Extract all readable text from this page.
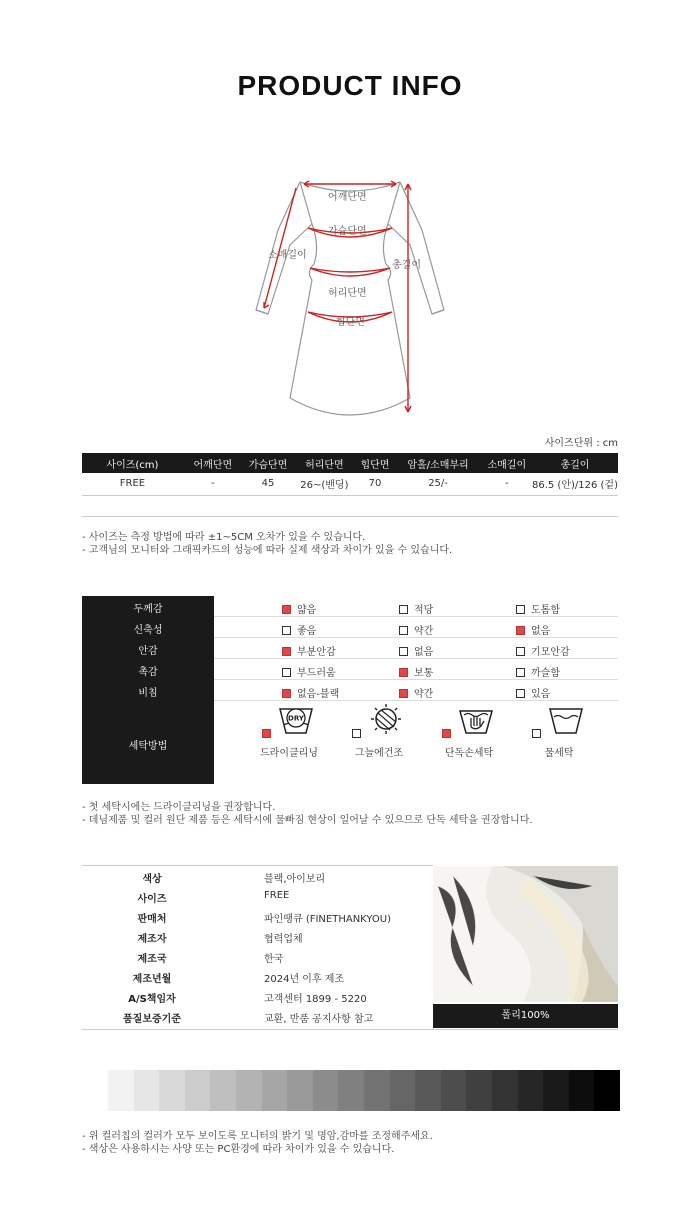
PRODUCT INFO
어깨단면
가슴단면
소매길이
총길이
허리단면
힙단면
사이즈단위 : cm
사이즈(cm)	어깨단면	가슴단면	허리단면	힙단면	암홀/소매부리	소매길이	총길이
FREE	-	45	26~(밴딩)	70	25/-	-	86.5 (안)/126 (겉)
- 사이즈는 측정 방법에 따라 ±1~5CM 오차가 있을 수 있습니다.
- 고객님의 모니터와 그래픽카드의 성능에 따라 실제 색상과 차이가 있을 수 있습니다.
두께감	얇음	적당	도톰함
신축성	좋음	약간	없음
안감	부분안감	없음	기모안감
촉감	부드러움	보통	까슬함
비침	없음-블랙	약간	있음
세탁방법

DRY
드라이클리닝
	그늘에건조
	단독손세탁
	물세탁
- 첫 세탁시에는 드라이클리닝을 권장합니다.
- 데님제품 및 컬러 원단 제품 등은 세탁시에 물빠짐 현상이 일어날 수 있으므로 단독 세탁을 권장합니다.
색상	블랙,아이보리
사이즈	FREE
판매처	파인땡큐 (FINETHANKYOU)
제조자	협력업체
제조국	한국
제조년월	2024년 이후 제조
A/S책임자	고객센터 1899 - 5220
품질보증기준	교환, 반품 공지사항 참고	폴리100%
- 위 컬러칩의 컬러가 모두 보이도록 모니터의 밝기 및 명암,감마를 조정해주세요.
- 색상은 사용하시는 사양 또는 PC환경에 따라 차이가 있을 수 있습니다.
